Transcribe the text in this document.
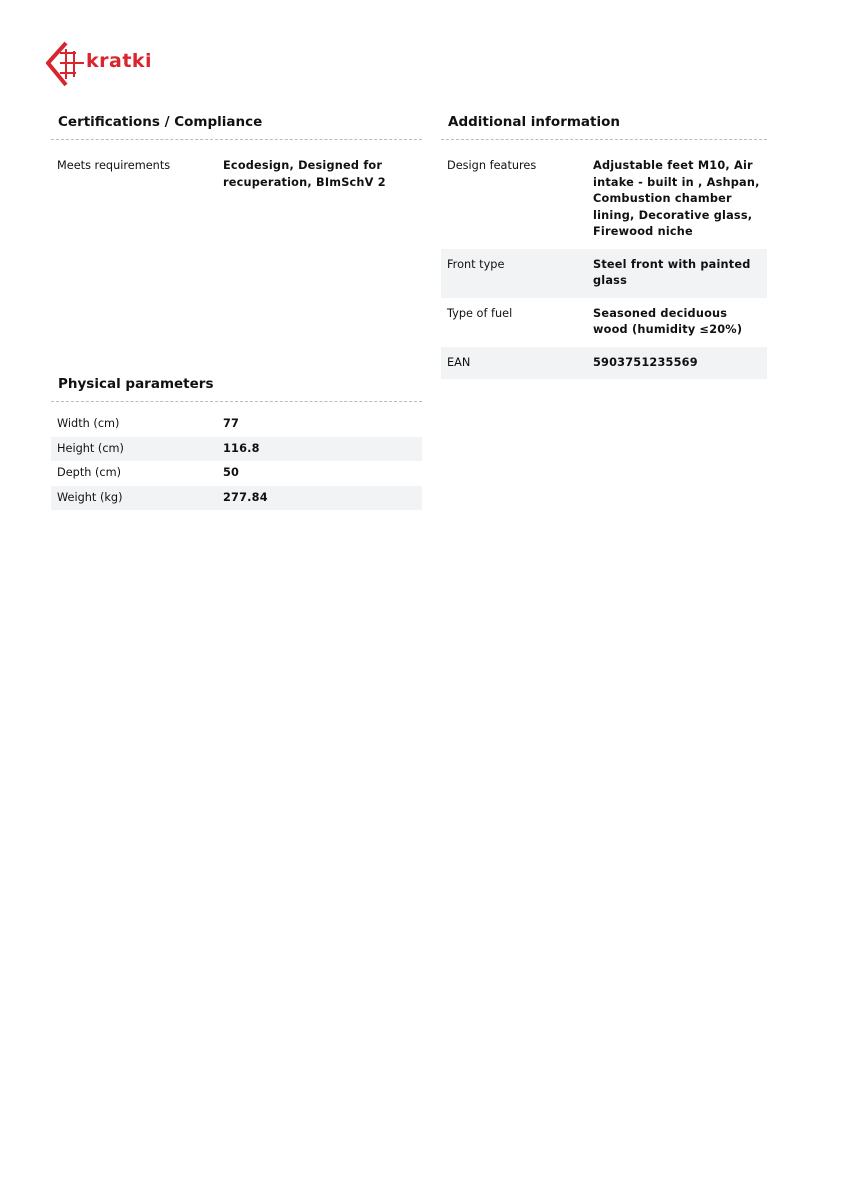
kratki
Certifications / Compliance
Meets requirements	Ecodesign, Designed for recuperation, BImSchV 2
Additional information
Design features	Adjustable feet M10, Air intake - built in , Ashpan, Combustion chamber lining, Decorative glass, Firewood niche
Front type	Steel front with painted glass
Type of fuel	Seasoned deciduous wood (humidity ≤20%)
EAN	5903751235569
Physical parameters
Width (cm)	77
Height (cm)	116.8
Depth (cm)	50
Weight (kg)	277.84
